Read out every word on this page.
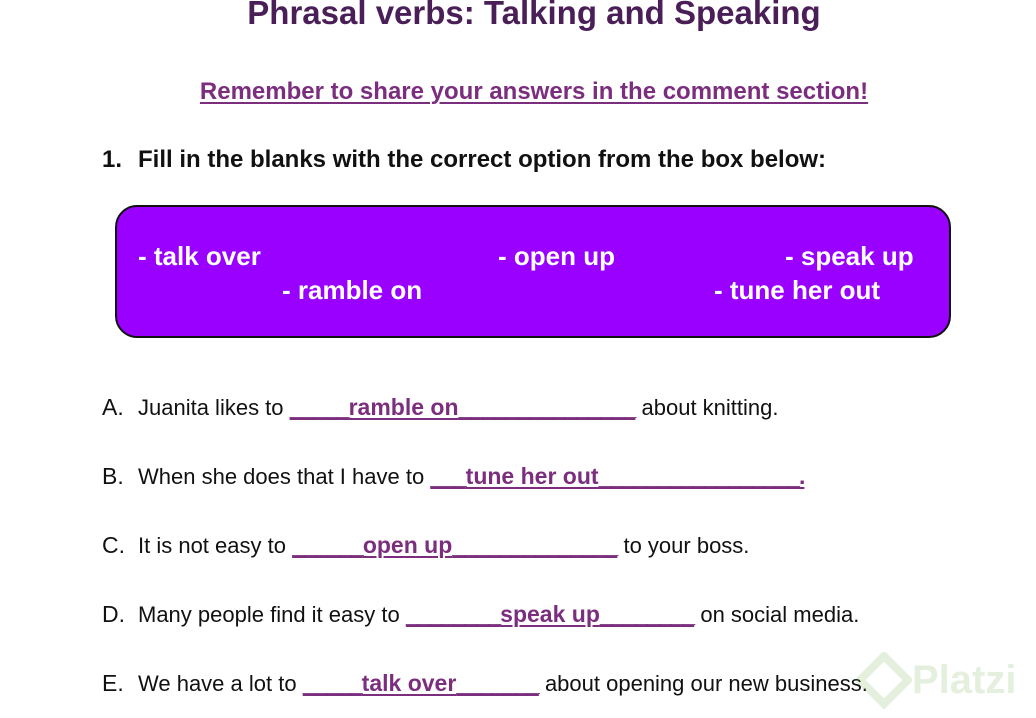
Phrasal verbs: Talking and Speaking
Remember to share your answers in the comment section!
1. Fill in the blanks with the correct option from the box below:
- talk over	- open up	- speak up
- ramble on	- tune her out
A. Juanita likes to _____ramble on_______________ about knitting.
B. When she does that I have to ___tune her out_________________.
C. It is not easy to ______open up______________ to your boss.
D. Many people find it easy to ________speak up________ on social media.
E. We have a lot to _____talk over_______ about opening our new business. Platzi
